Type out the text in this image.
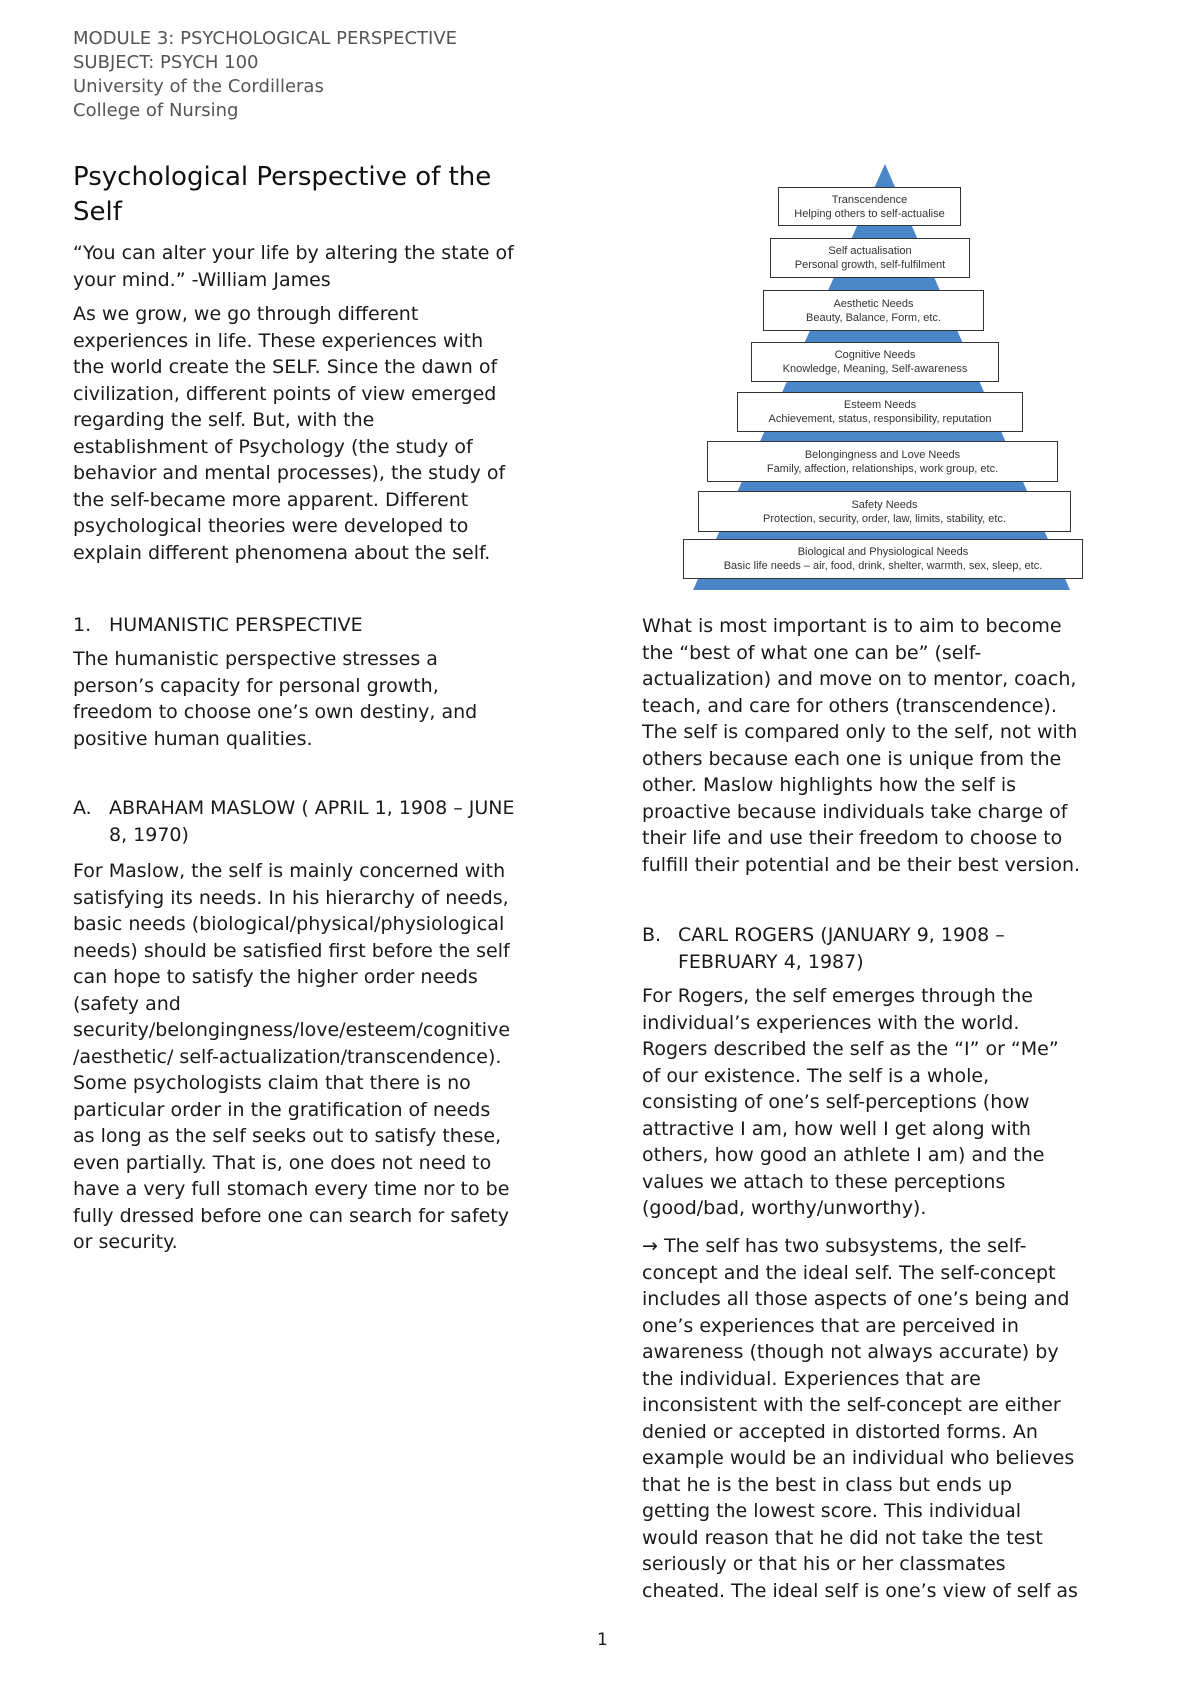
MODULE 3: PSYCHOLOGICAL PERSPECTIVE
SUBJECT: PSYCH 100
University of the Cordilleras
College of Nursing
Psychological Perspective of the
Self
“You can alter your life by altering the state of
your mind.” -William James
As we grow, we go through different
experiences in life. These experiences with
the world create the SELF. Since the dawn of
civilization, different points of view emerged
regarding the self. But, with the
establishment of Psychology (the study of
behavior and mental processes), the study of
the self-became more apparent. Different
psychological theories were developed to
explain different phenomena about the self.
1. HUMANISTIC PERSPECTIVE
The humanistic perspective stresses a
person’s capacity for personal growth,
freedom to choose one’s own destiny, and
positive human qualities.
A. ABRAHAM MASLOW ( APRIL 1, 1908 – JUNE
8, 1970)
For Maslow, the self is mainly concerned with
satisfying its needs. In his hierarchy of needs,
basic needs (biological/physical/physiological
needs) should be satisfied first before the self
can hope to satisfy the higher order needs
(safety and
security/belongingness/love/esteem/cognitive
/aesthetic/ self-actualization/transcendence).
Some psychologists claim that there is no
particular order in the gratification of needs
as long as the self seeks out to satisfy these,
even partially. That is, one does not need to
have a very full stomach every time nor to be
fully dressed before one can search for safety
or security.
Transcendence
Helping others to self-actualise
Self actualisation
Personal growth, self-fulfilment
Aesthetic Needs
Beauty, Balance, Form, etc.
Cognitive Needs
Knowledge, Meaning, Self-awareness
Esteem Needs
Achievement, status, responsibility, reputation
Belongingness and Love Needs
Family, affection, relationships, work group, etc.
Safety Needs
Protection, security, order, law, limits, stability, etc.
Biological and Physiological Needs
Basic life needs – air, food, drink, shelter, warmth, sex, sleep, etc.
What is most important is to aim to become
the “best of what one can be” (self-
actualization) and move on to mentor, coach,
teach, and care for others (transcendence).
The self is compared only to the self, not with
others because each one is unique from the
other. Maslow highlights how the self is
proactive because individuals take charge of
their life and use their freedom to choose to
fulfill their potential and be their best version.
B. CARL ROGERS (JANUARY 9, 1908 –
FEBRUARY 4, 1987)
For Rogers, the self emerges through the
individual’s experiences with the world.
Rogers described the self as the “I” or “Me”
of our existence. The self is a whole,
consisting of one’s self-perceptions (how
attractive I am, how well I get along with
others, how good an athlete I am) and the
values we attach to these perceptions
(good/bad, worthy/unworthy).
→ The self has two subsystems, the self-
concept and the ideal self. The self-concept
includes all those aspects of one’s being and
one’s experiences that are perceived in
awareness (though not always accurate) by
the individual. Experiences that are
inconsistent with the self-concept are either
denied or accepted in distorted forms. An
example would be an individual who believes
that he is the best in class but ends up
getting the lowest score. This individual
would reason that he did not take the test
seriously or that his or her classmates
cheated. The ideal self is one’s view of self as
1
